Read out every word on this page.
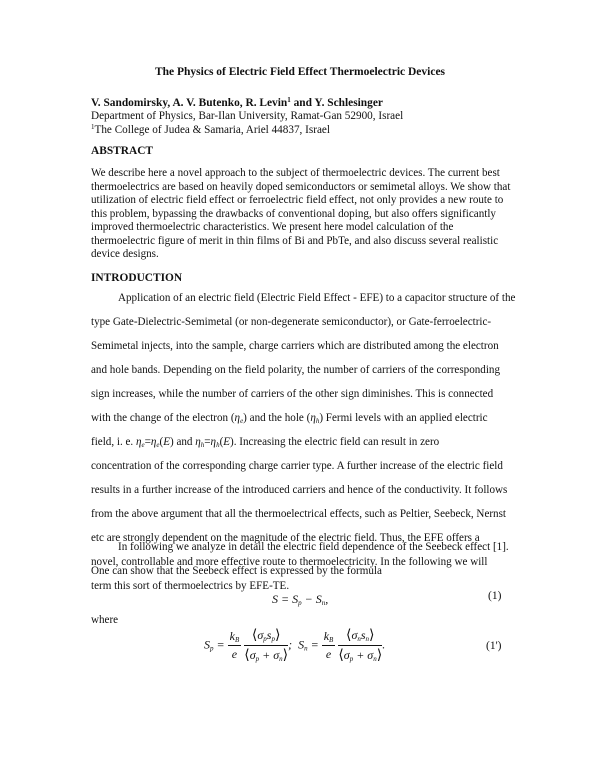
The Physics of Electric Field Effect Thermoelectric Devices
V. Sandomirsky, A. V. Butenko, R. Levin$^1$ and Y. Schlesinger
Department of Physics, Bar-Ilan University, Ramat-Gan 52900, Israel
$^1$The College of Judea & Samaria, Ariel 44837, Israel
ABSTRACT
We describe here a novel approach to the subject of thermoelectric devices. The current best thermoelectrics are based on heavily doped semiconductors or semimetal alloys. We show that utilization of electric field effect or ferroelectric field effect, not only provides a new route to this problem, bypassing the drawbacks of conventional doping, but also offers significantly improved thermoelectric characteristics. We present here model calculation of the thermoelectric figure of merit in thin films of Bi and PbTe, and also discuss several realistic device designs.
INTRODUCTION
Application of an electric field (Electric Field Effect - EFE) to a capacitor structure of the
type Gate-Dielectric-Semimetal (or non-degenerate semiconductor), or Gate-ferroelectric-
Semimetal injects, into the sample, charge carriers which are distributed among the electron
and hole bands. Depending on the field polarity, the number of carriers of the corresponding
sign increases, while the number of carriers of the other sign diminishes. This is connected
with the change of the electron $(\eta_e)$ and the hole $(\eta_h)$ Fermi levels with an applied electric
field, i. e. $\eta_e=\eta_e(E)$ and $\eta_h=\eta_h(E)$. Increasing the electric field can result in zero
concentration of the corresponding charge carrier type. A further increase of the electric field
results in a further increase of the introduced carriers and hence of the conductivity. It follows
from the above argument that all the thermoelectrical effects, such as Peltier, Seebeck, Nernst
etc are strongly dependent on the magnitude of the electric field. Thus, the EFE offers a
novel, controllable and more effective route to thermoelectricity. In the following we will
term this sort of thermoelectrics by EFE-TE.
In following we analyze in detail the electric field dependence of the Seebeck effect [1].
One can show that the Seebeck effect is expressed by the formula
$S = S_p - S_n$,	(1)
where
$S_p = \frac{k_B}{e}$
$\frac{⟨\sigma_ps_p⟩}{⟨\sigma_p + \sigma_n⟩}$ ;  $S_n = \frac{k_B}{e}$
$\frac{⟨\sigma_ns_n⟩}{⟨\sigma_p + \sigma_n⟩}$ .	(1')
